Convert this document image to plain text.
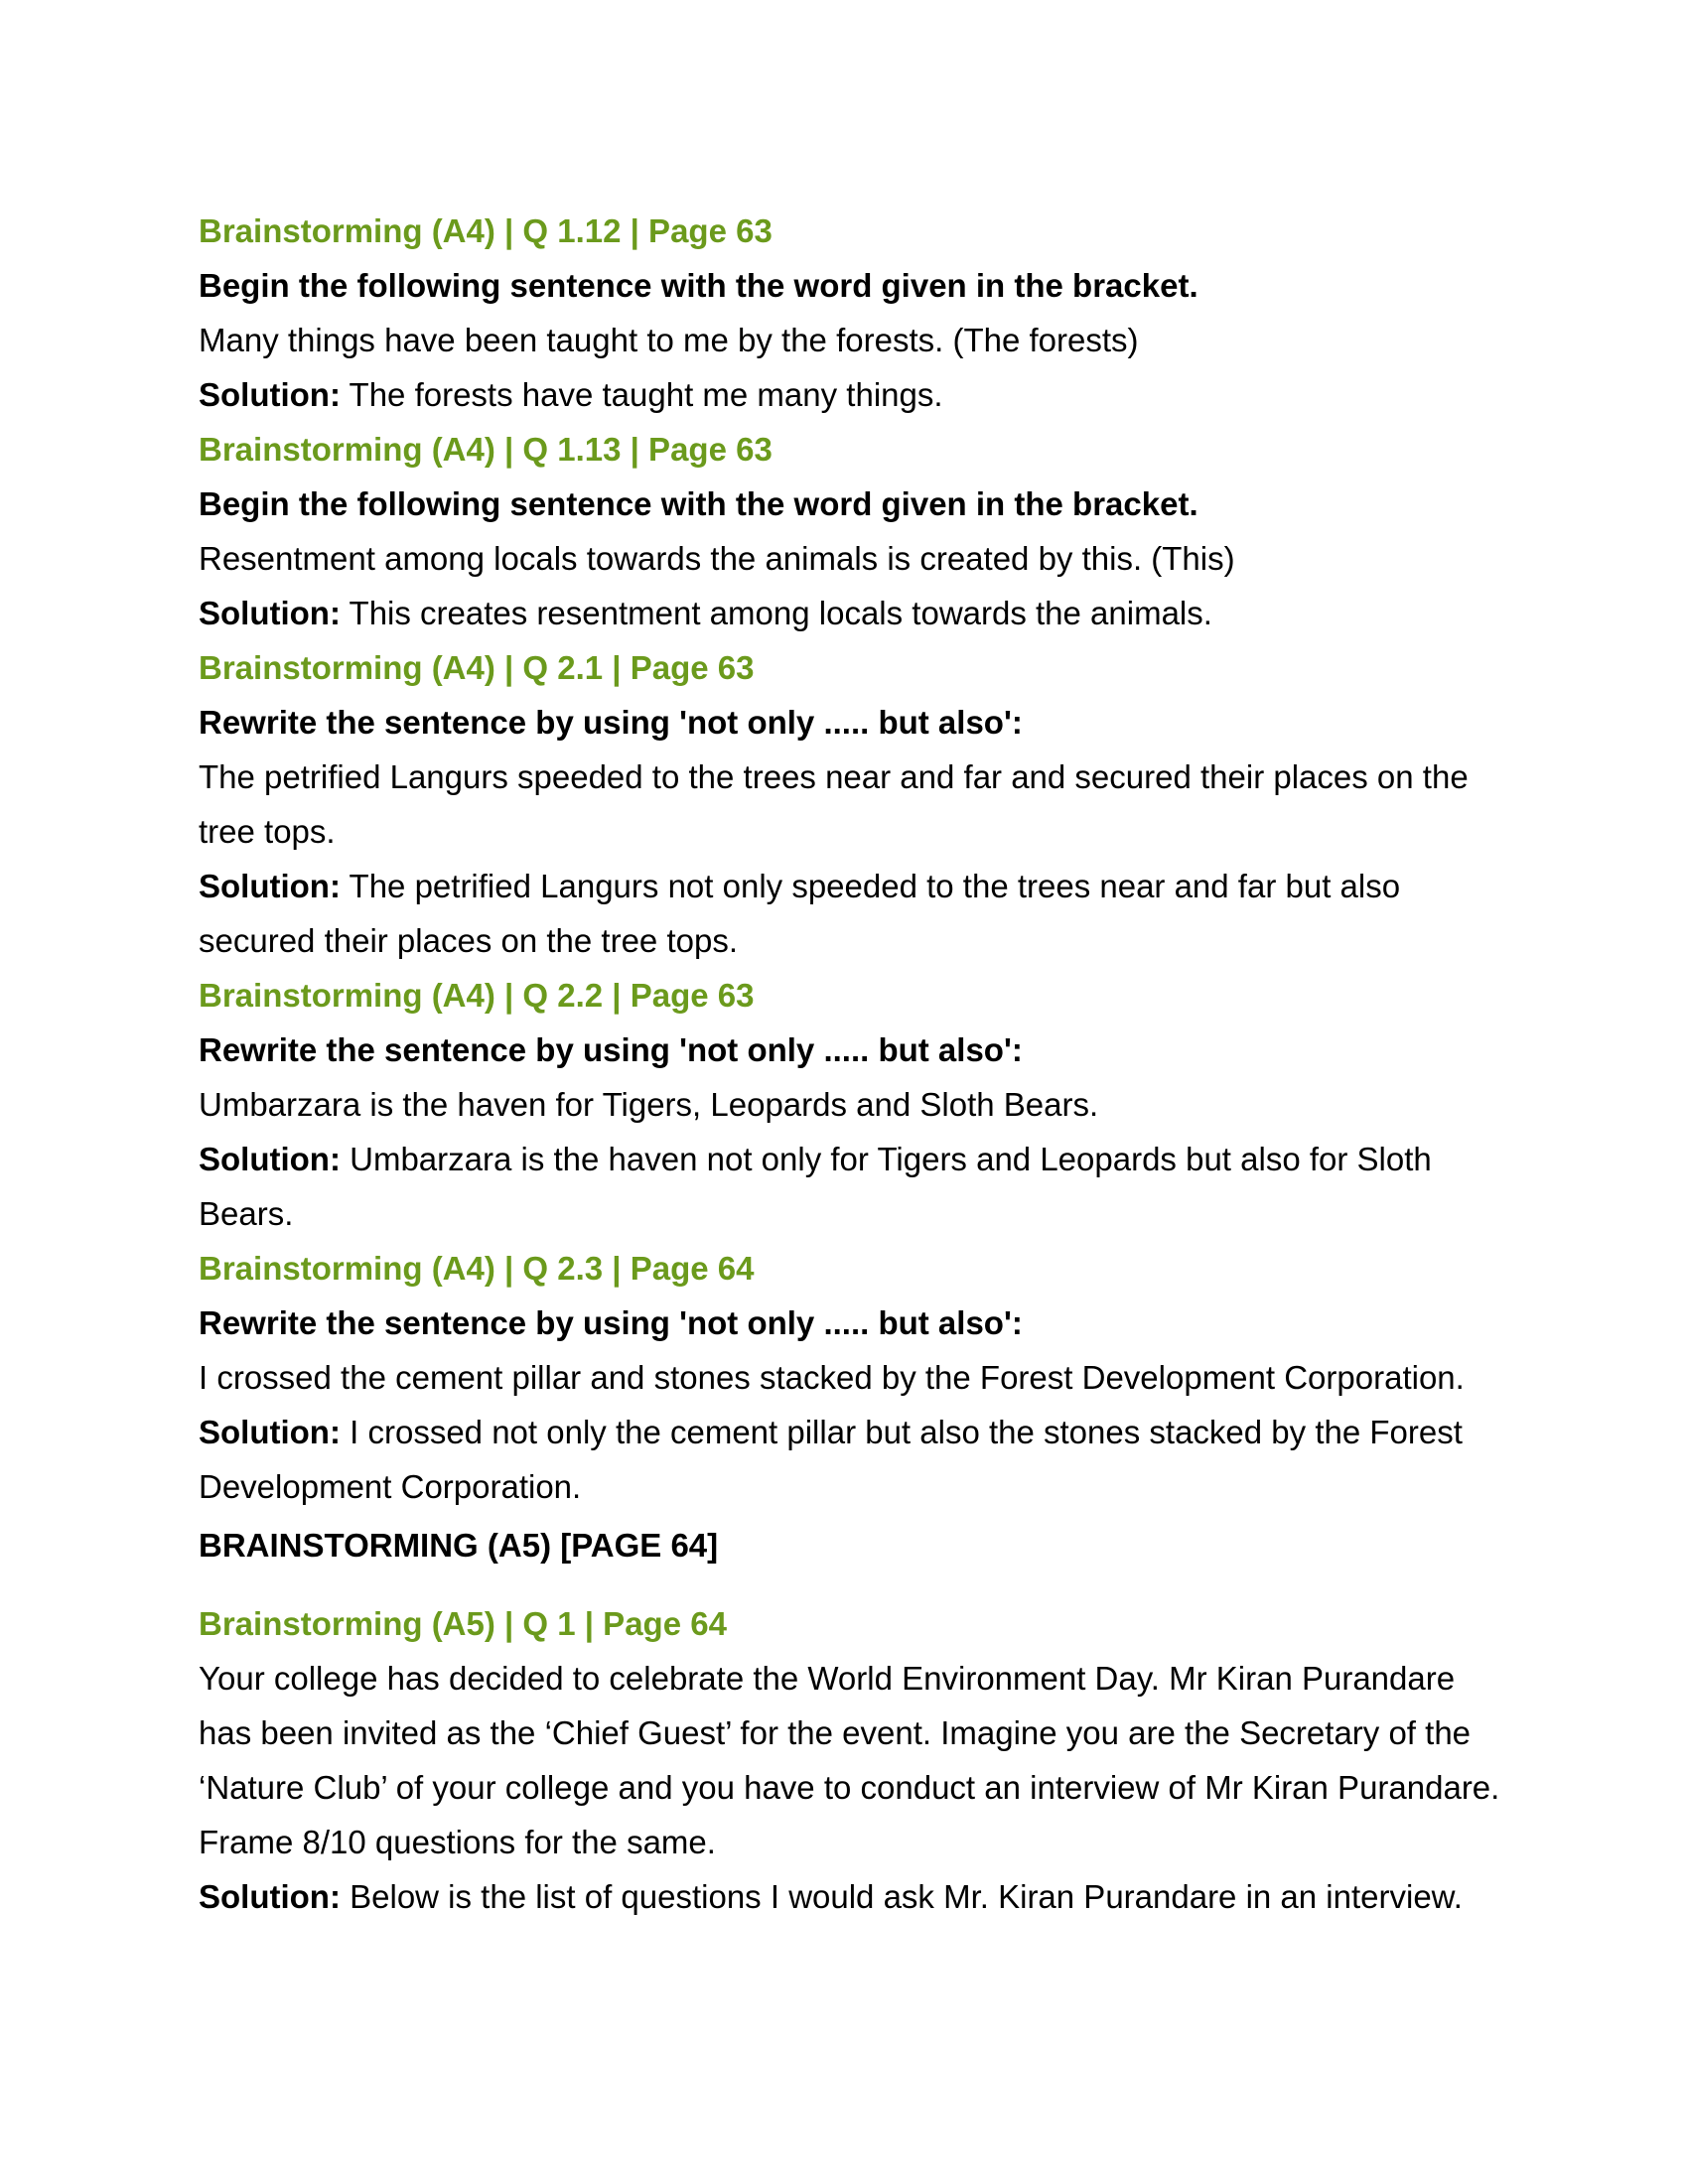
Brainstorming (A4) | Q 1.12 | Page 63

Begin the following sentence with the word given in the bracket.

Many things have been taught to me by the forests. (The forests)

Solution: The forests have taught me many things.

Brainstorming (A4) | Q 1.13 | Page 63

Begin the following sentence with the word given in the bracket.

Resentment among locals towards the animals is created by this. (This)

Solution: This creates resentment among locals towards the animals.

Brainstorming (A4) | Q 2.1 | Page 63

Rewrite the sentence by using 'not only ..... but also':

The petrified Langurs speeded to the trees near and far and secured their places on the tree tops.

Solution: The petrified Langurs not only speeded to the trees near and far but also secured their places on the tree tops.

Brainstorming (A4) | Q 2.2 | Page 63

Rewrite the sentence by using 'not only ..... but also':

Umbarzara is the haven for Tigers, Leopards and Sloth Bears.

Solution: Umbarzara is the haven not only for Tigers and Leopards but also for Sloth Bears.

Brainstorming (A4) | Q 2.3 | Page 64

Rewrite the sentence by using 'not only ..... but also':

I crossed the cement pillar and stones stacked by the Forest Development Corporation.

Solution: I crossed not only the cement pillar but also the stones stacked by the Forest Development Corporation.

BRAINSTORMING (A5) [PAGE 64]

Brainstorming (A5) | Q 1 | Page 64

Your college has decided to celebrate the World Environment Day. Mr Kiran Purandare has been invited as the ‘Chief Guest’ for the event. Imagine you are the Secretary of the ‘Nature Club’ of your college and you have to conduct an interview of Mr Kiran Purandare. Frame 8/10 questions for the same.

Solution: Below is the list of questions I would ask Mr. Kiran Purandare in an interview.
